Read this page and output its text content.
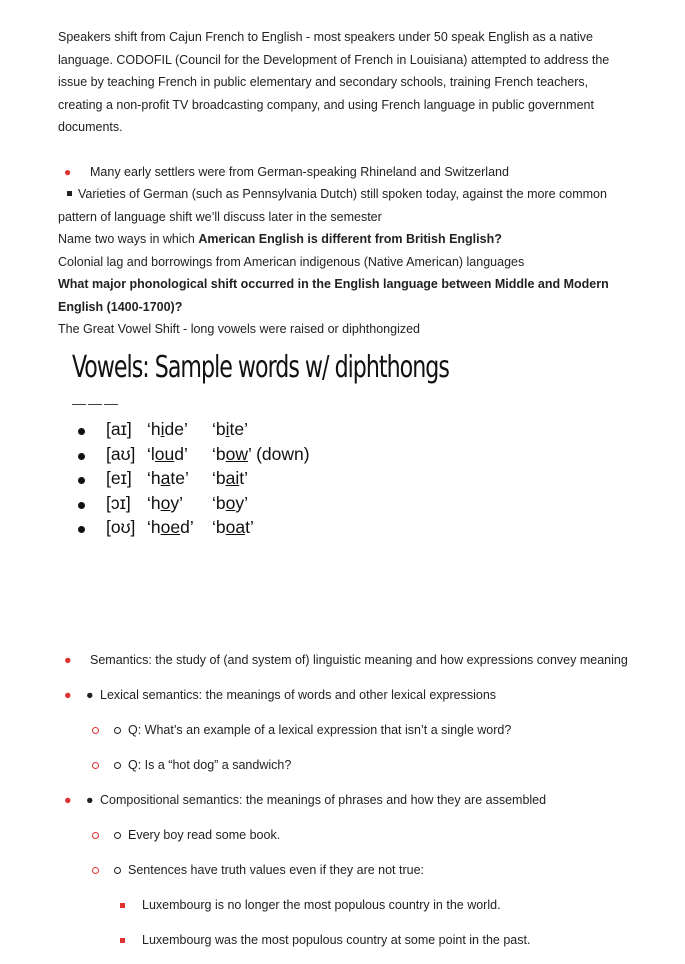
Speakers shift from Cajun French to English - most speakers under 50 speak English as a native language. CODOFIL (Council for the Development of French in Louisiana) attempted to address the issue by teaching French in public elementary and secondary schools, training French teachers, creating a non-profit TV broadcasting company, and using French language in public government documents.

● Many early settlers were from German-speaking Rhineland and Switzerland

Varieties of German (such as Pennsylvania Dutch) still spoken today, against the more common pattern of language shift we’ll discuss later in the semester

Name two ways in which American English is different from British English?

Colonial lag and borrowings from American indigenous (Native American) languages

What major phonological shift occurred in the English language between Middle and Modern English (1400-1700)?

The Great Vowel Shift - long vowels were raised or diphthongized

Vowels: Sample words w/ diphthongs
———
[aɪ] ‘hide’ ‘bite’
[aʊ] ‘loud’ ‘bow’ (down)
[eɪ] ‘hate’ ‘bait’
[ɔɪ] ‘hoy’ ‘boy’
[oʊ] ‘hoed’ ‘boat’

● Semantics: the study of (and system of) linguistic meaning and how expressions convey meaning

● ● Lexical semantics: the meanings of words and other lexical expressions

Q: What’s an example of a lexical expression that isn’t a single word?

Q: Is a “hot dog” a sandwich?

● ● Compositional semantics: the meanings of phrases and how they are assembled

Every boy read some book.

Sentences have truth values even if they are not true:

Luxembourg is no longer the most populous country in the world.

Luxembourg was the most populous country at some point in the past.
